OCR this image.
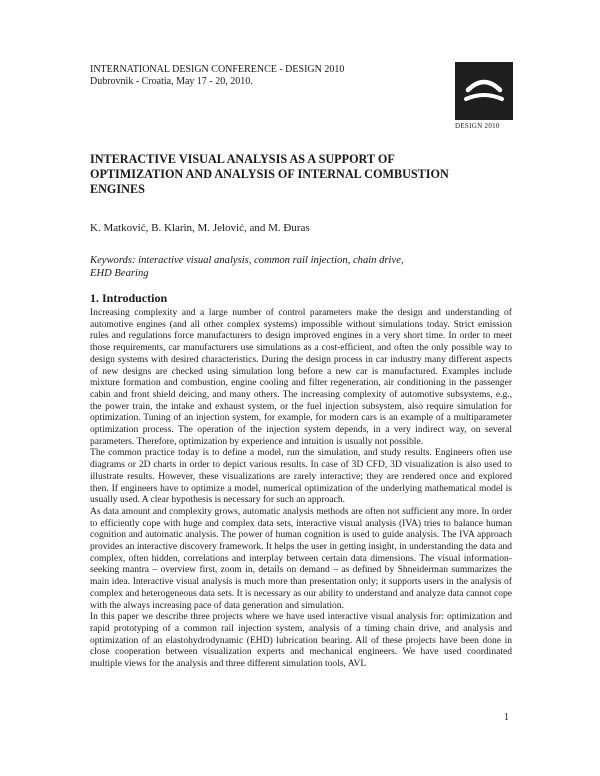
INTERNATIONAL DESIGN CONFERENCE - DESIGN 2010
Dubrovnik - Croatia, May 17 - 20, 2010.
DESIGN 2010
INTERACTIVE VISUAL ANALYSIS AS A SUPPORT OF OPTIMIZATION AND ANALYSIS OF INTERNAL COMBUSTION ENGINES
K. Matković, B. Klarin, M. Jelović, and M. Đuras
Keywords: interactive visual analysis, common rail injection, chain drive, EHD Bearing
1. Introduction

Increasing complexity and a large number of control parameters make the design and understanding of automotive engines (and all other complex systems) impossible without simulations today. Strict emission rules and regulations force manufacturers to design improved engines in a very short time. In order to meet those requirements, car manufacturers use simulations as a cost-efficient, and often the only possible way to design systems with desired characteristics. During the design process in car industry many different aspects of new designs are checked using simulation long before a new car is manufactured. Examples include mixture formation and combustion, engine cooling and filter regeneration, air conditioning in the passenger cabin and front shield deicing, and many others. The increasing complexity of automotive subsystems, e.g., the power train, the intake and exhaust system, or the fuel injection subsystem, also require simulation for optimization. Tuning of an injection system, for example, for modern cars is an example of a multiparameter optimization process. The operation of the injection system depends, in a very indirect way, on several parameters. Therefore, optimization by experience and intuition is usually not possible.

The common practice today is to define a model, run the simulation, and study results. Engineers often use diagrams or 2D charts in order to depict various results. In case of 3D CFD, 3D visualization is also used to illustrate results. However, these visualizations are rarely interactive; they are rendered once and explored then. If engineers have to optimize a model, numerical optimization of the underlying mathematical model is usually used. A clear hypothesis is necessary for such an approach.

As data amount and complexity grows, automatic analysis methods are often not sufficient any more. In order to efficiently cope with huge and complex data sets, interactive visual analysis (IVA) tries to balance human cognition and automatic analysis. The power of human cognition is used to guide analysis. The IVA approach provides an interactive discovery framework. It helps the user in getting insight, in understanding the data and complex, often hidden, correlations and interplay between certain data dimensions. The visual information-seeking mantra – overview first, zoom in, details on demand – as defined by Shneiderman summarizes the main idea. Interactive visual analysis is much more than presentation only; it supports users in the analysis of complex and heterogeneous data sets. It is necessary as our ability to understand and analyze data cannot cope with the always increasing pace of data generation and simulation.

In this paper we describe three projects where we have used interactive visual analysis for: optimization and rapid prototyping of a common rail injection system, analysis of a timing chain drive, and analysis and optimization of an elastohydrodynamic (EHD) lubrication bearing. All of these projects have been done in close cooperation between visualization experts and mechanical engineers. We have used coordinated multiple views for the analysis and three different simulation tools, AVL

1
